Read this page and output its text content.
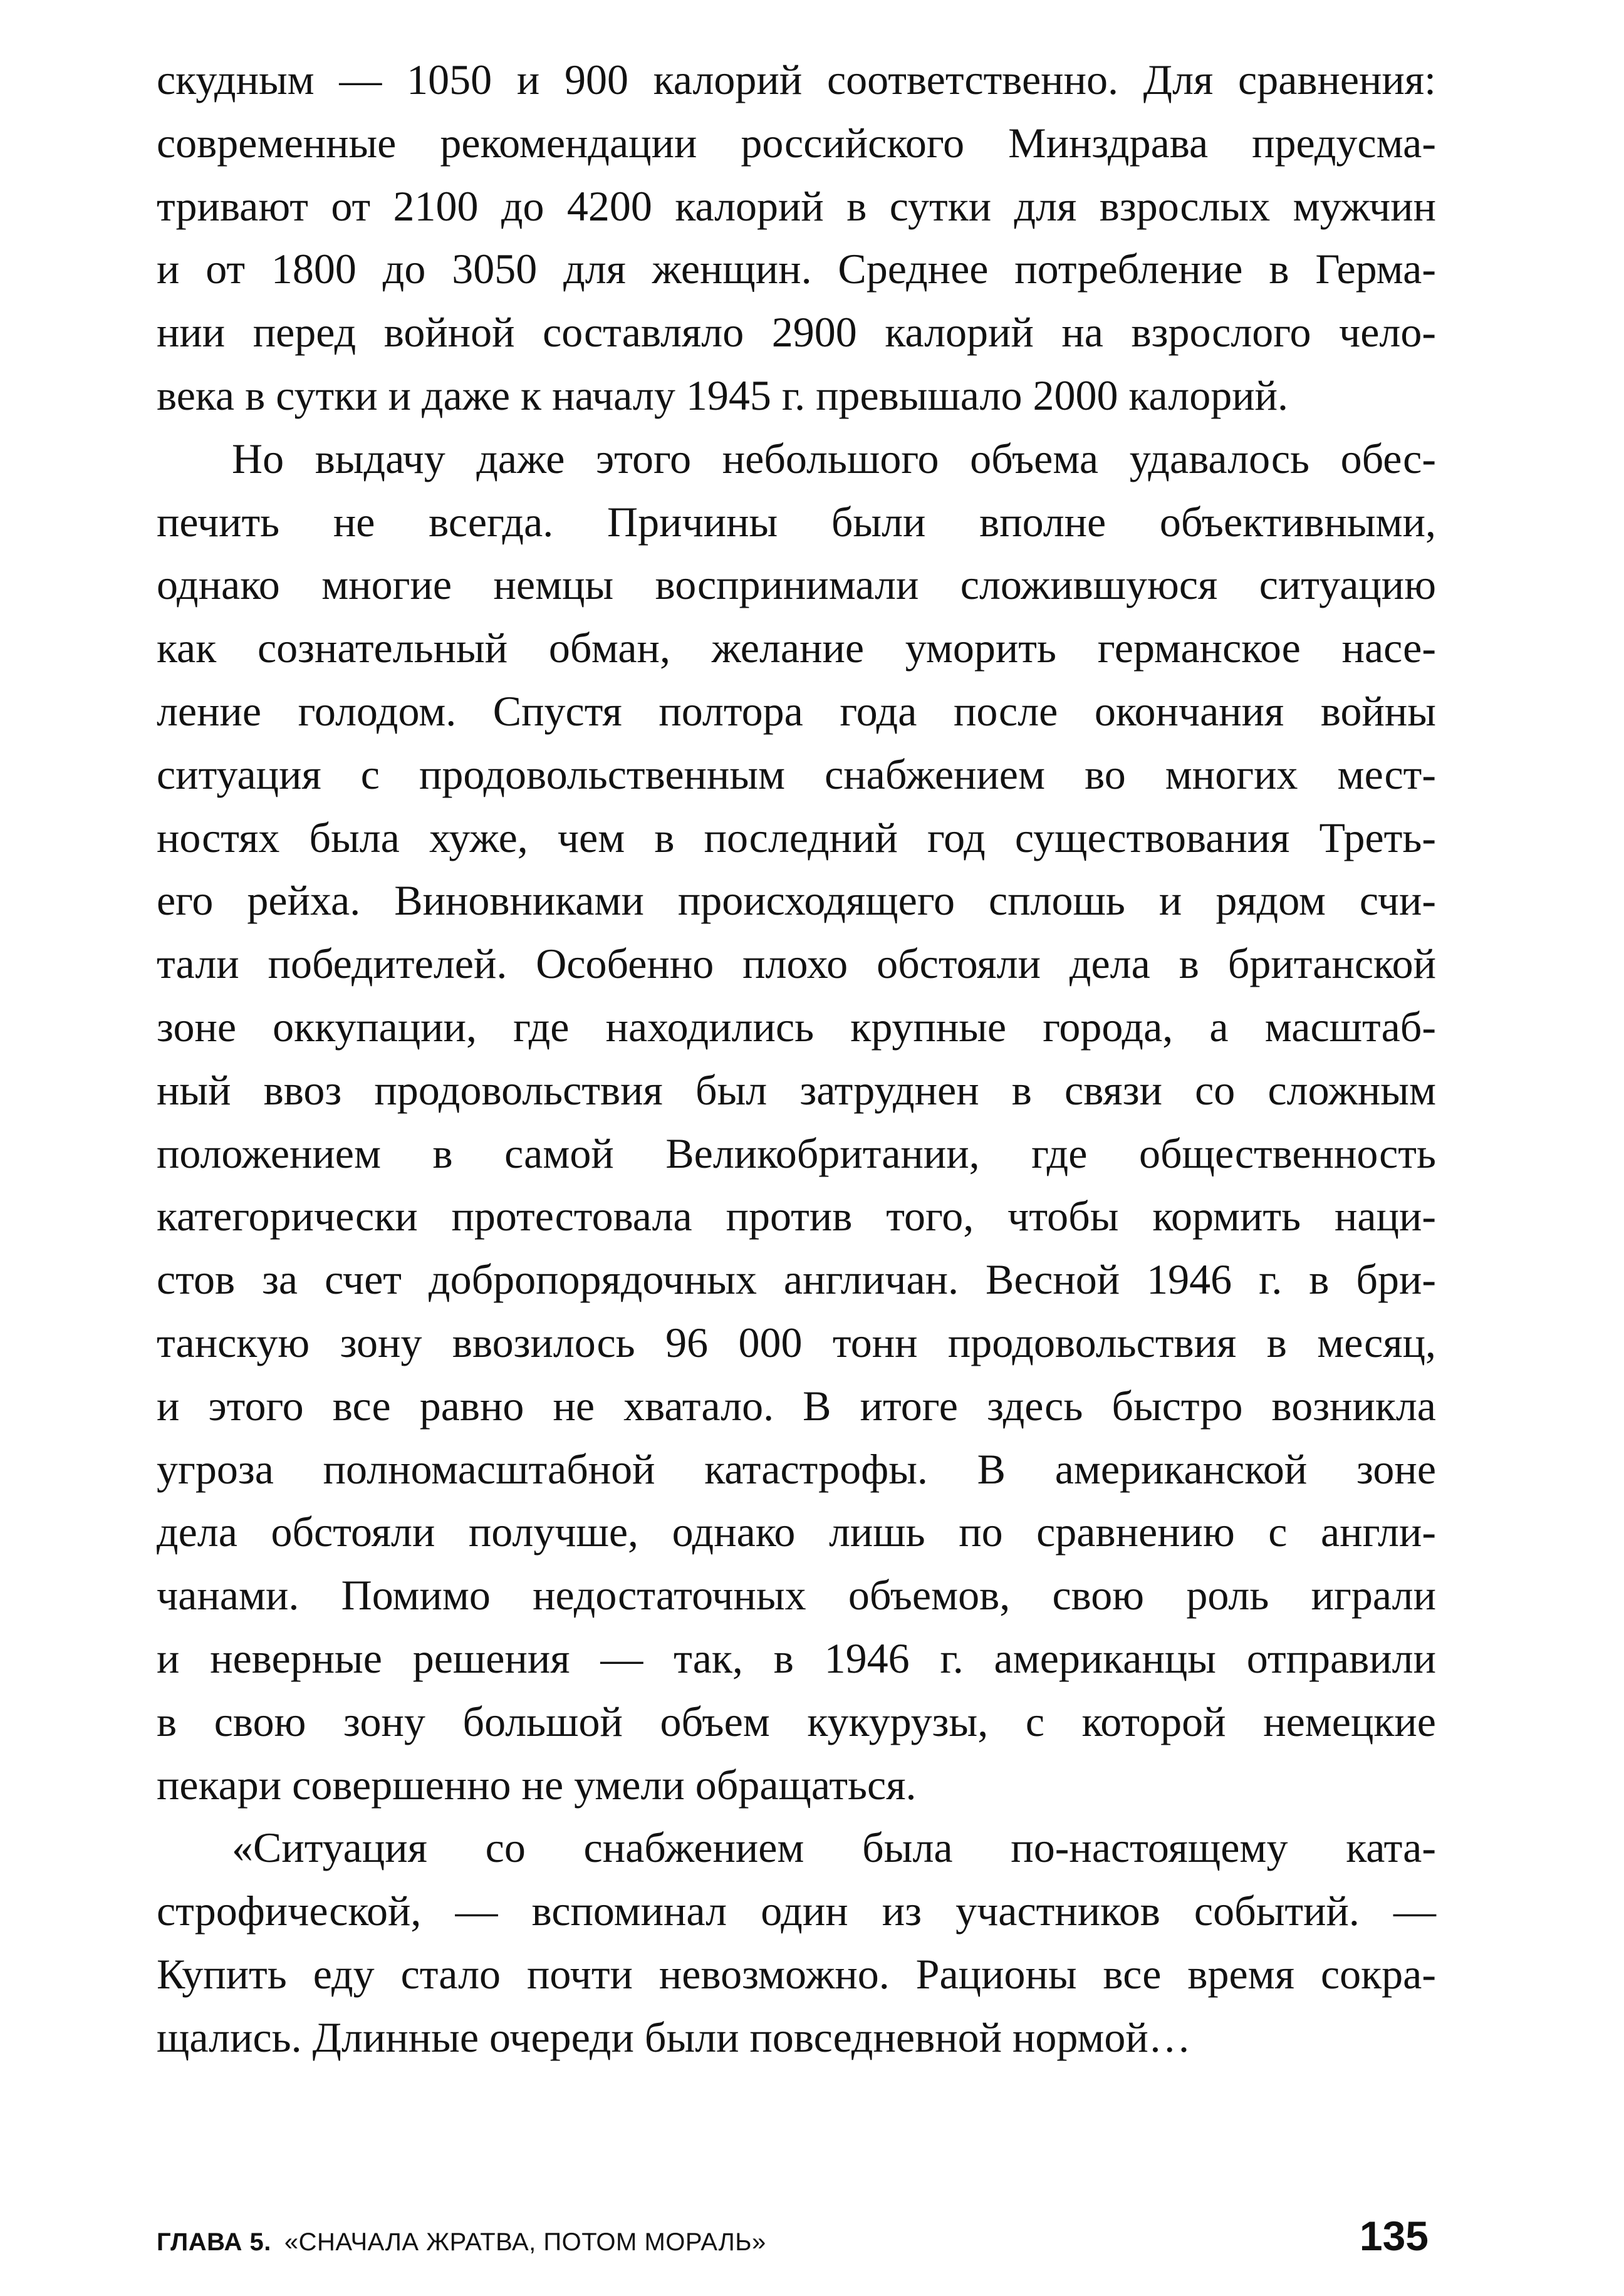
скудным — 1050 и 900 калорий соответственно. Для сравнения:
современные рекомендации российского Минздрава предусма-
тривают от 2100 до 4200 калорий в сутки для взрослых мужчин
и от 1800 до 3050 для женщин. Среднее потребление в Герма-
нии перед войной составляло 2900 калорий на взрослого чело-
века в сутки и даже к началу 1945 г. превышало 2000 калорий.
Но выдачу даже этого небольшого объема удавалось обес-
печить не всегда. Причины были вполне объективными,
однако многие немцы воспринимали сложившуюся ситуацию
как сознательный обман, желание уморить германское насе-
ление голодом. Спустя полтора года после окончания войны
ситуация с продовольственным снабжением во многих мест-
ностях была хуже, чем в последний год существования Треть-
его рейха. Виновниками происходящего сплошь и рядом счи-
тали победителей. Особенно плохо обстояли дела в британской
зоне оккупации, где находились крупные города, а масштаб-
ный ввоз продовольствия был затруднен в связи со сложным
положением в самой Великобритании, где общественность
категорически протестовала против того, чтобы кормить наци-
стов за счет добропорядочных англичан. Весной 1946 г. в бри-
танскую зону ввозилось 96 000 тонн продовольствия в месяц,
и этого все равно не хватало. В итоге здесь быстро возникла
угроза полномасштабной катастрофы. В американской зоне
дела обстояли получше, однако лишь по сравнению с англи-
чанами. Помимо недостаточных объемов, свою роль играли
и неверные решения — так, в 1946 г. американцы отправили
в свою зону большой объем кукурузы, с которой немецкие
пекари совершенно не умели обращаться.
«Ситуация со снабжением была по-настоящему ката-
строфической, — вспоминал один из участников событий. —
Купить еду стало почти невозможно. Рационы все время сокра-
щались. Длинные очереди были повседневной нормой…
ГЛАВА 5. «СНАЧАЛА ЖРАТВА, ПОТОМ МОРАЛЬ»	135
